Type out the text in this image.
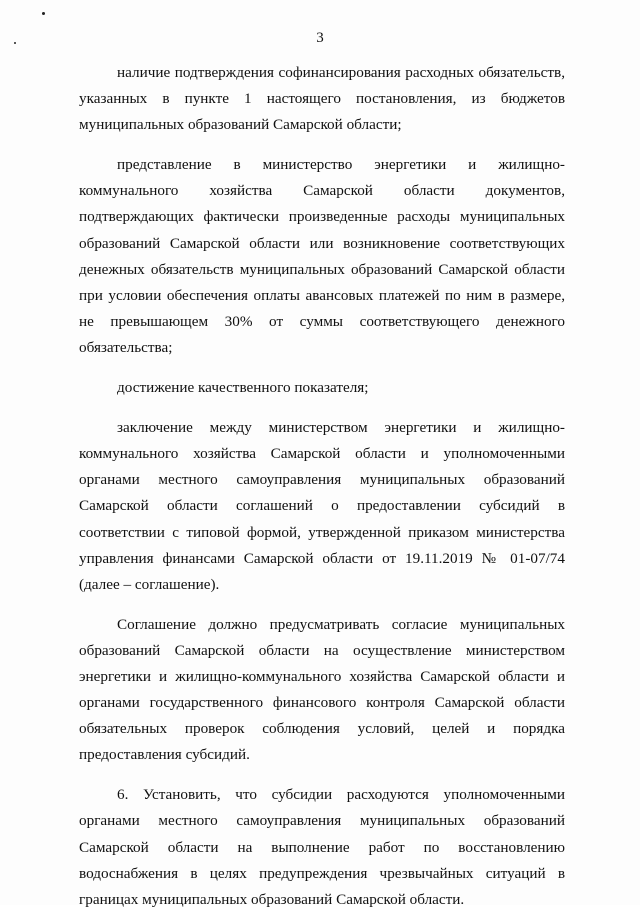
3

наличие подтверждения софинансирования расходных обязательств, указанных в пункте 1 настоящего постановления, из бюджетов муниципальных образований Самарской области;

представление в министерство энергетики и жилищно-коммунального хозяйства Самарской области документов, подтверждающих фактически произведенные расходы муниципальных образований Самарской области или возникновение соответствующих денежных обязательств муниципальных образований Самарской области при условии обеспечения оплаты авансовых платежей по ним в размере, не превышающем 30% от суммы соответствующего денежного обязательства;

достижение качественного показателя;

заключение между министерством энергетики и жилищно-коммунального хозяйства Самарской области и уполномоченными органами местного самоуправления муниципальных образований Самарской области соглашений о предоставлении субсидий в соответствии с типовой формой, утвержденной приказом министерства управления финансами Самарской области от 19.11.2019 № 01-07/74 (далее – соглашение).

Соглашение должно предусматривать согласие муниципальных образований Самарской области на осуществление министерством энергетики и жилищно-коммунального хозяйства Самарской области и органами государственного финансового контроля Самарской области обязательных проверок соблюдения условий, целей и порядка предоставления субсидий.

6. Установить, что субсидии расходуются уполномоченными органами местного самоуправления муниципальных образований Самарской области на выполнение работ по восстановлению водоснабжения в целях предупреждения чрезвычайных ситуаций в границах муниципальных образований Самарской области.
